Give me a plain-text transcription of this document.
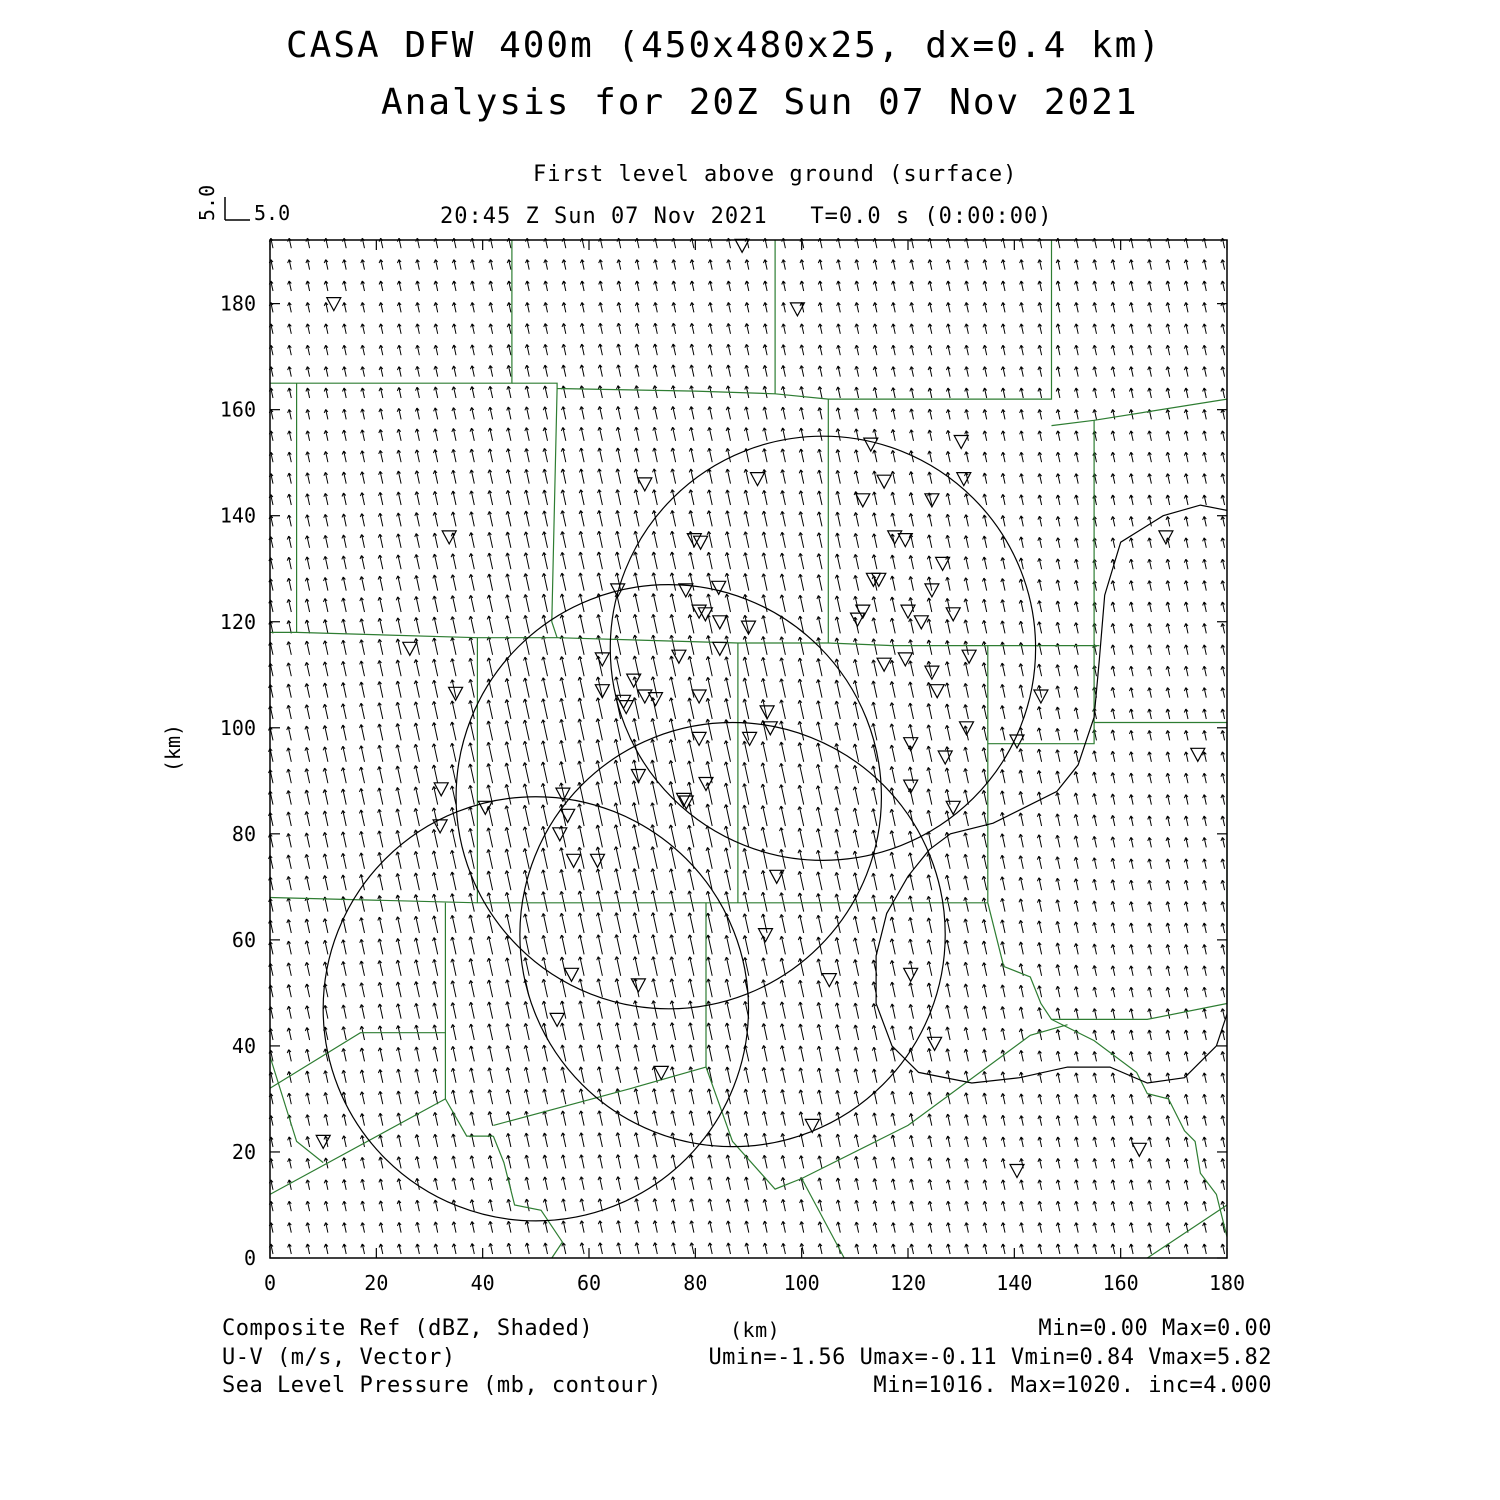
CASA DFW 400m (450x480x25, dx=0.4 km)
Analysis for 20Z Sun 07 Nov 2021
First level above ground (surface)
20:45 Z Sun 07 Nov 2021   T=0.0 s (0:00:00)
5.0
5.0
0	20	40	60	80	100	120	140	160	180
0
20
40
60
80
100
120
140
160
180
(km)
(km)
Composite Ref (dBZ, Shaded)	Min=0.00 Max=0.00
U-V (m/s, Vector)	Umin=-1.56 Umax=-0.11 Vmin=0.84 Vmax=5.82
Sea Level Pressure (mb, contour)	Min=1016. Max=1020. inc=4.000
